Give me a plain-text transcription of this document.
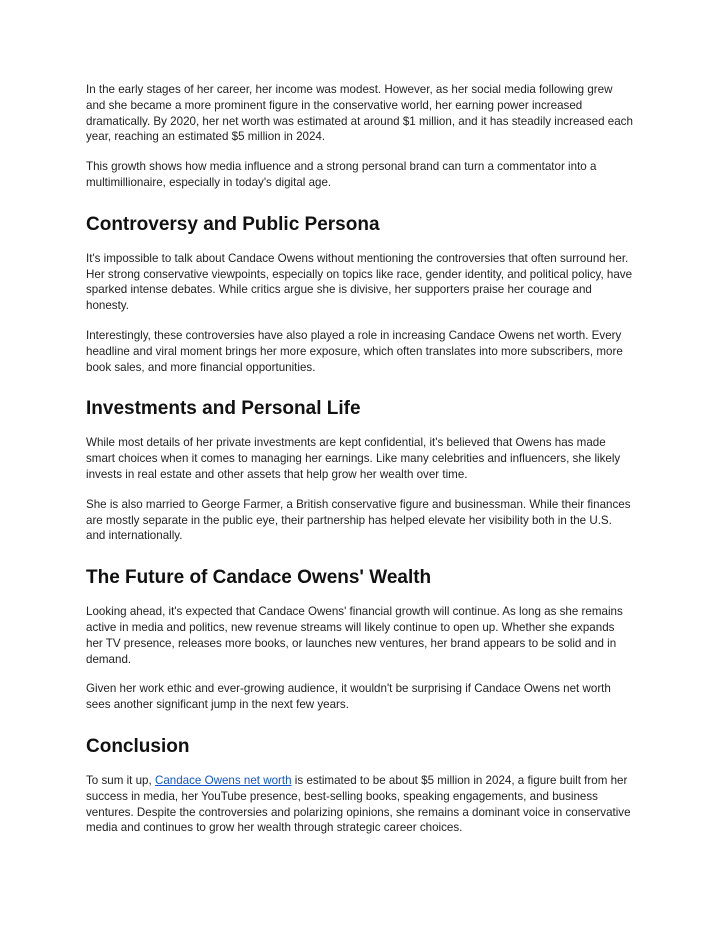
In the early stages of her career, her income was modest. However, as her social media following grew and she became a more prominent figure in the conservative world, her earning power increased dramatically. By 2020, her net worth was estimated at around $1 million, and it has steadily increased each year, reaching an estimated $5 million in 2024.

This growth shows how media influence and a strong personal brand can turn a commentator into a multimillionaire, especially in today's digital age.

Controversy and Public Persona

It's impossible to talk about Candace Owens without mentioning the controversies that often surround her. Her strong conservative viewpoints, especially on topics like race, gender identity, and political policy, have sparked intense debates. While critics argue she is divisive, her supporters praise her courage and honesty.

Interestingly, these controversies have also played a role in increasing Candace Owens net worth. Every headline and viral moment brings her more exposure, which often translates into more subscribers, more book sales, and more financial opportunities.

Investments and Personal Life

While most details of her private investments are kept confidential, it's believed that Owens has made smart choices when it comes to managing her earnings. Like many celebrities and influencers, she likely invests in real estate and other assets that help grow her wealth over time.

She is also married to George Farmer, a British conservative figure and businessman. While their finances are mostly separate in the public eye, their partnership has helped elevate her visibility both in the U.S. and internationally.

The Future of Candace Owens' Wealth

Looking ahead, it's expected that Candace Owens' financial growth will continue. As long as she remains active in media and politics, new revenue streams will likely continue to open up. Whether she expands her TV presence, releases more books, or launches new ventures, her brand appears to be solid and in demand.

Given her work ethic and ever-growing audience, it wouldn't be surprising if Candace Owens net worth sees another significant jump in the next few years.

Conclusion

To sum it up, Candace Owens net worth is estimated to be about $5 million in 2024, a figure built from her success in media, her YouTube presence, best-selling books, speaking engagements, and business ventures. Despite the controversies and polarizing opinions, she remains a dominant voice in conservative media and continues to grow her wealth through strategic career choices.
